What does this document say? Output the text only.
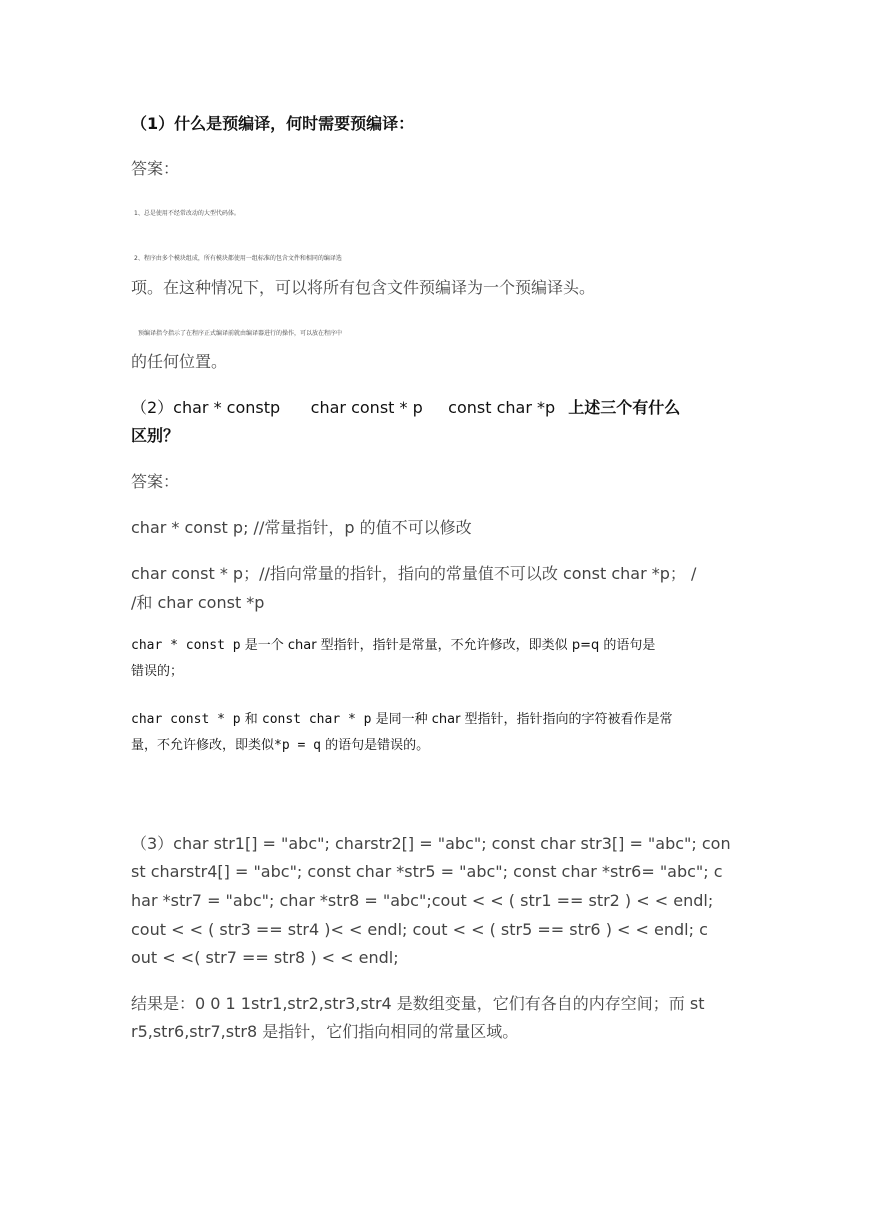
（1）什么是预编译，何时需要预编译：
答案：
1、总是使用不经常改动的大型代码体。
2、程序由多个模块组成，所有模块都使用一组标准的包含文件和相同的编译选
项。在这种情况下，可以将所有包含文件预编译为一个预编译头。
预编译指令指示了在程序正式编译前就由编译器进行的操作，可以放在程序中
的任何位置。
（2）char * constp      char const * p     const char *p 上述三个有什么
区别？
答案：
char * const p; //常量指针，p 的值不可以修改
char const * p；//指向常量的指针，指向的常量值不可以改 const char *p； /
/和 char const *p
char * const p 是一个 char 型指针，指针是常量，不允许修改，即类似 p=q 的语句是
错误的；
char const * p 和 const char * p 是同一种 char 型指针，指针指向的字符被看作是常
量，不允许修改，即类似*p = q 的语句是错误的。
（3）char str1[] = "abc"; charstr2[] = "abc"; const char str3[] = "abc"; con
st charstr4[] = "abc"; const char *str5 = "abc"; const char *str6= "abc"; c
har *str7 = "abc"; char *str8 = "abc";cout < < ( str1 == str2 ) < < endl;
cout < < ( str3 == str4 )< < endl; cout < < ( str5 == str6 ) < < endl; c
out < <( str7 == str8 ) < < endl;
结果是：0 0 1 1str1,str2,str3,str4 是数组变量，它们有各自的内存空间；而 st
r5,str6,str7,str8 是指针，它们指向相同的常量区域。
